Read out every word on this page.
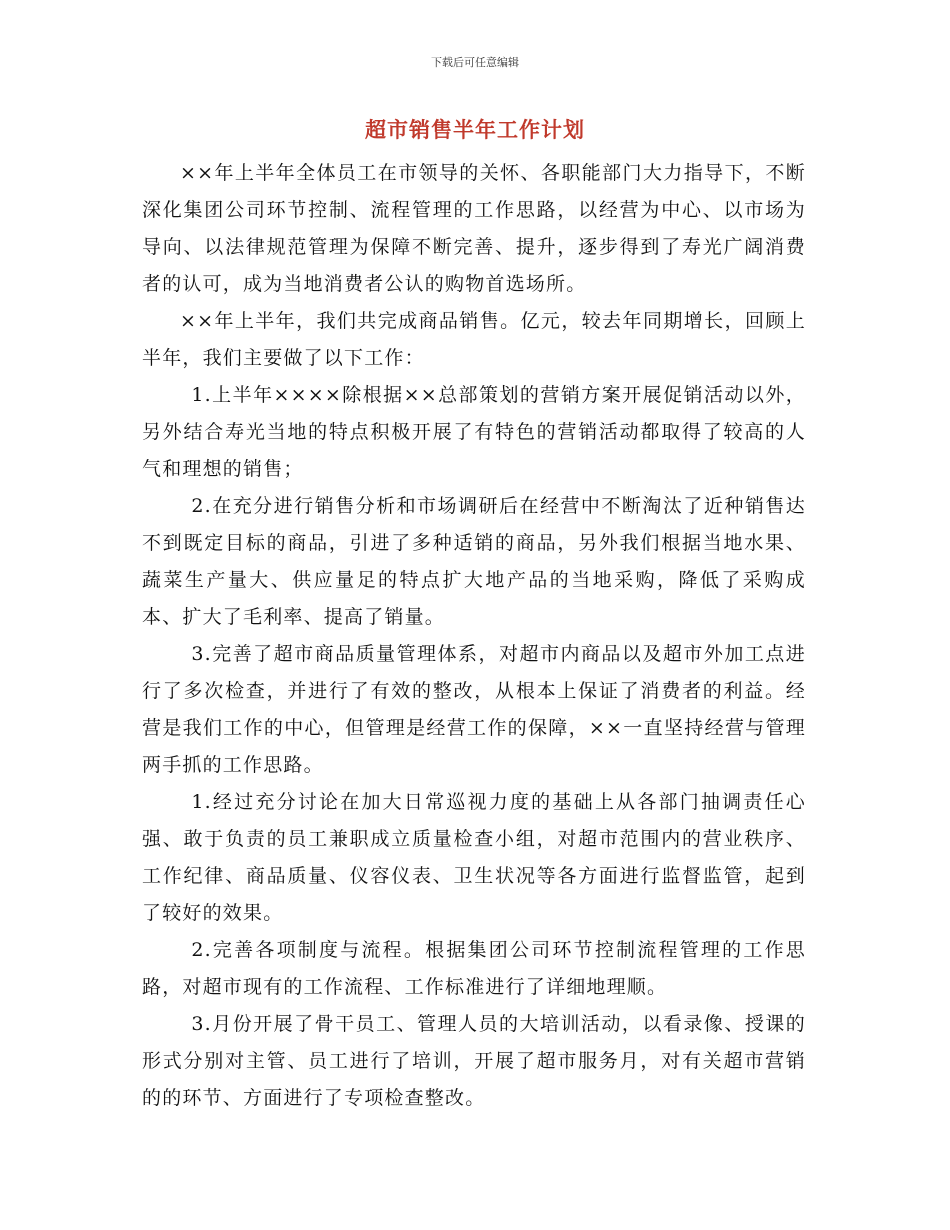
下载后可任意编辑
超市销售半年工作计划

××年上半年全体员工在市领导的关怀、各职能部门大力指导下，不断深化集团公司环节控制、流程管理的工作思路，以经营为中心、以市场为导向、以法律规范管理为保障不断完善、提升，逐步得到了寿光广阔消费者的认可，成为当地消费者公认的购物首选场所。

××年上半年，我们共完成商品销售。亿元，较去年同期增长，回顾上半年，我们主要做了以下工作：

1.上半年××××除根据××总部策划的营销方案开展促销活动以外，另外结合寿光当地的特点积极开展了有特色的营销活动都取得了较高的人气和理想的销售；

2.在充分进行销售分析和市场调研后在经营中不断淘汰了近种销售达不到既定目标的商品，引进了多种适销的商品，另外我们根据当地水果、蔬菜生产量大、供应量足的特点扩大地产品的当地采购，降低了采购成本、扩大了毛利率、提高了销量。

3.完善了超市商品质量管理体系，对超市内商品以及超市外加工点进行了多次检查，并进行了有效的整改，从根本上保证了消费者的利益。经营是我们工作的中心，但管理是经营工作的保障，××一直坚持经营与管理两手抓的工作思路。

1.经过充分讨论在加大日常巡视力度的基础上从各部门抽调责任心强、敢于负责的员工兼职成立质量检查小组，对超市范围内的营业秩序、工作纪律、商品质量、仪容仪表、卫生状况等各方面进行监督监管，起到了较好的效果。

2.完善各项制度与流程。根据集团公司环节控制流程管理的工作思路，对超市现有的工作流程、工作标准进行了详细地理顺。

3.月份开展了骨干员工、管理人员的大培训活动，以看录像、授课的形式分别对主管、员工进行了培训，开展了超市服务月，对有关超市营销的的环节、方面进行了专项检查整改。
